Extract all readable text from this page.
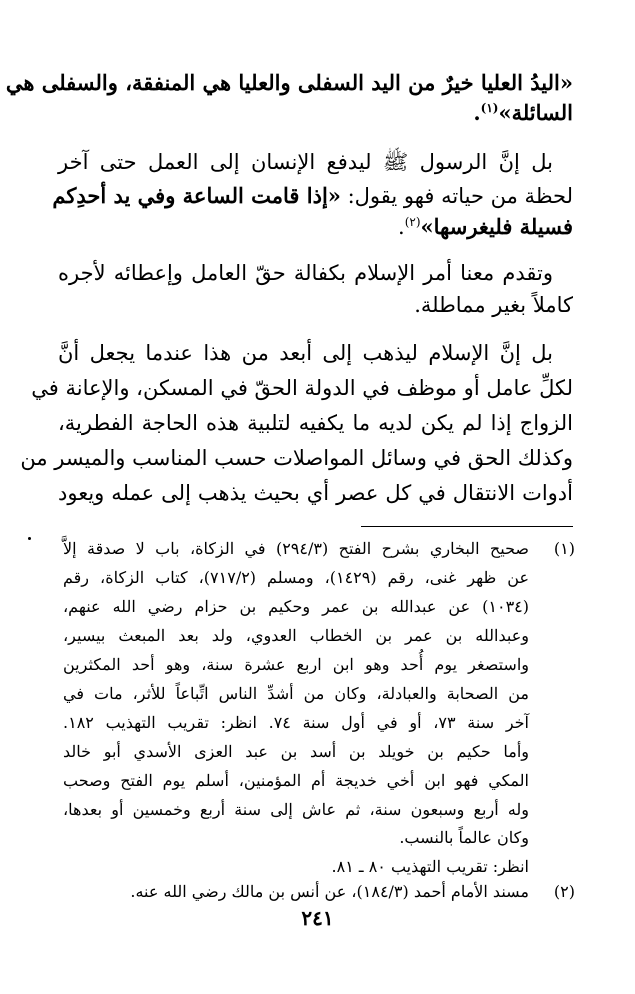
«اليدُ العليا خيرٌ من اليد السفلى والعليا هي المنفقة، والسفلى هي
السائلة»$^{(١)}$.
بل إنَّ الرسول ﷺ ليدفع الإنسان إلى العمل حتى آخر
لحظة من حياته فهو يقول: «إذا قامت الساعة وفي يد أحدِكم
فسيلة فليغرسها»$^{(٢)}$.
وتقدم معنا أمر الإسلام بكفالة حقّ العامل وإعطائه لأجره
كاملاً بغير مماطلة.
بل إنَّ الإسلام ليذهب إلى أبعد من هذا عندما يجعل أنَّ
لكلِّ عامل أو موظف في الدولة الحقّ في المسكن، والإعانة في
الزواج إذا لم يكن لديه ما يكفيه لتلبية هذه الحاجة الفطرية،
وكذلك الحق في وسائل المواصلات حسب المناسب والميسر من
أدوات الانتقال في كل عصر أي بحيث يذهب إلى عمله ويعود
(١)
صحيح البخاري بشرح الفتح (٢٩٤/٣) في الزكاة، باب لا صدقة إلاَّ
عن ظهر غنى، رقم (١٤٢٩)، ومسلم (٧١٧/٢)، كتاب الزكاة، رقم
(١٠٣٤) عن عبدالله بن عمر وحكيم بن حزام رضي الله عنهم،
وعبدالله بن عمر بن الخطاب العدوي، ولد بعد المبعث بيسير،
واستصغر يوم أُحد وهو ابن اربع عشرة سنة، وهو أحد المكثرين
من الصحابة والعبادلة، وكان من أشدِّ الناس اتِّباعاً للأثر، مات في
آخر سنة ٧٣، أو في أول سنة ٧٤. انظر: تقريب التهذيب ١٨٢.
وأما حكيم بن خويلد بن أسد بن عبد العزى الأسدي أبو خالد
المكي فهو ابن أخي خديجة أم المؤمنين، أسلم يوم الفتح وصحب
وله أربع وسبعون سنة، ثم عاش إلى سنة أربع وخمسين أو بعدها،
وكان عالماً بالنسب.
انظر: تقريب التهذيب ٨٠ ـ ٨١.
(٢)
مسند الأمام أحمد (١٨٤/٣)، عن أنس بن مالك رضي الله عنه.
٢٤١
